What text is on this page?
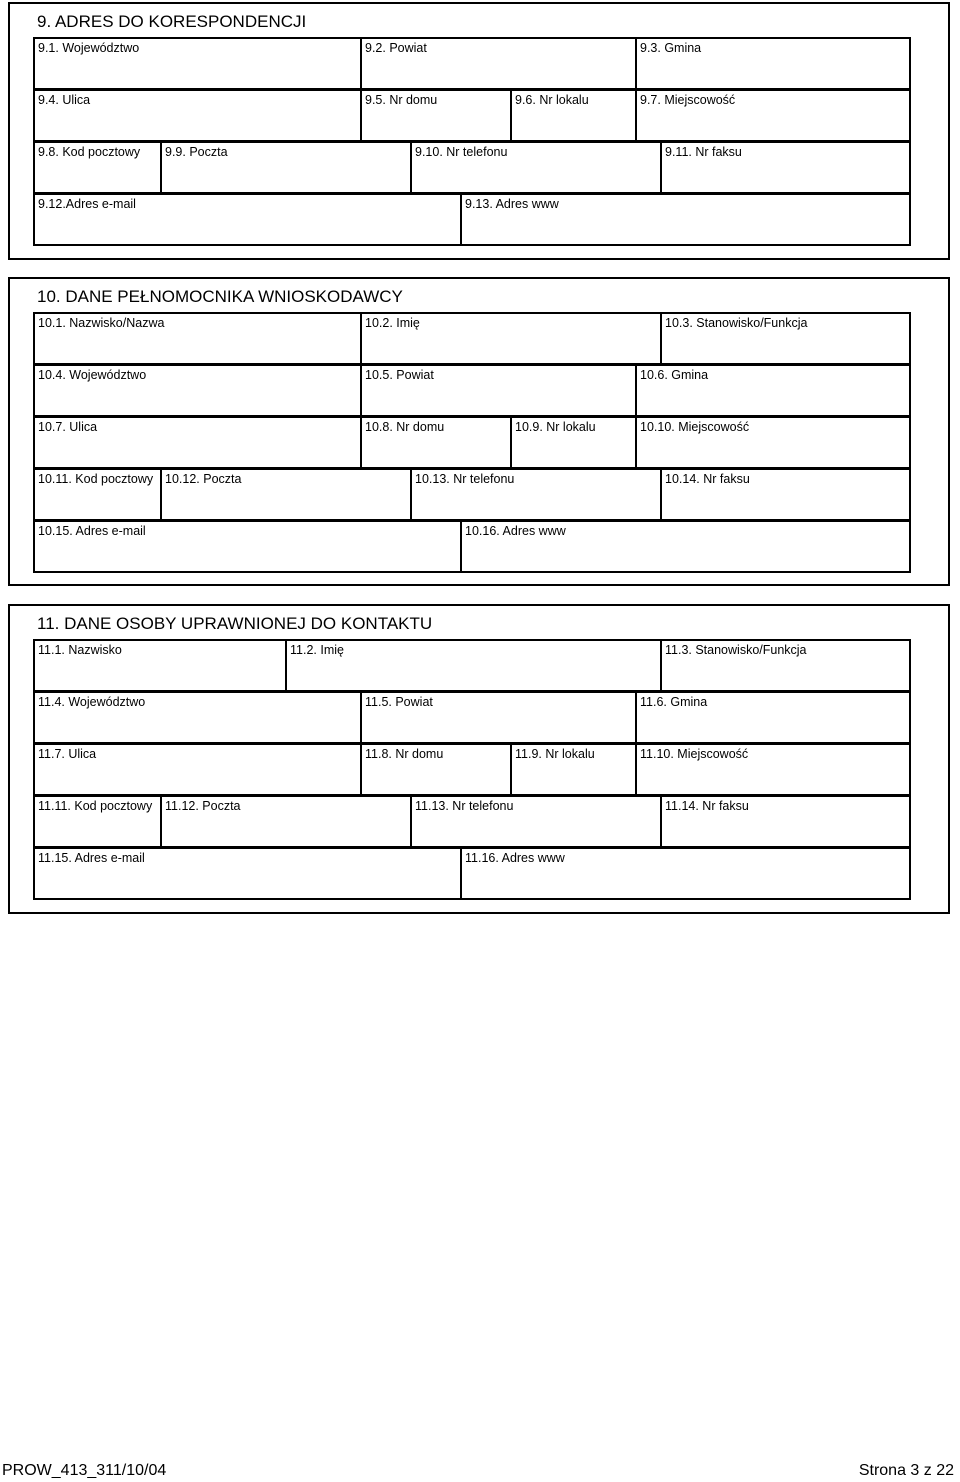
9. ADRES DO KORESPONDENCJI
9.1. Województwo	9.2. Powiat	9.3. Gmina
9.4. Ulica	9.5. Nr domu	9.6. Nr lokalu	9.7. Miejscowość
9.8. Kod pocztowy 9.9. Poczta	9.10. Nr telefonu	9.11. Nr faksu
9.12.Adres e-mail	9.13. Adres www
10. DANE PEŁNOMOCNIKA WNIOSKODAWCY
10.1. Nazwisko/Nazwa	10.2. Imię	10.3. Stanowisko/Funkcja
10.4. Województwo	10.5. Powiat	10.6. Gmina
10.7. Ulica	10.8. Nr domu	10.9. Nr lokalu	10.10. Miejscowość
10.11. Kod pocztowy 10.12. Poczta	10.13. Nr telefonu	10.14. Nr faksu
10.15. Adres e-mail	10.16. Adres www
11. DANE OSOBY UPRAWNIONEJ DO KONTAKTU
11.1. Nazwisko	11.2. Imię	11.3. Stanowisko/Funkcja
11.4. Województwo	11.5. Powiat	11.6. Gmina
11.7. Ulica	11.8. Nr domu	11.9. Nr lokalu	11.10. Miejscowość
11.11. Kod pocztowy 11.12. Poczta	11.13. Nr telefonu	11.14. Nr faksu
11.15. Adres e-mail	11.16. Adres www
PROW_413_311/10/04	Strona 3 z 22
